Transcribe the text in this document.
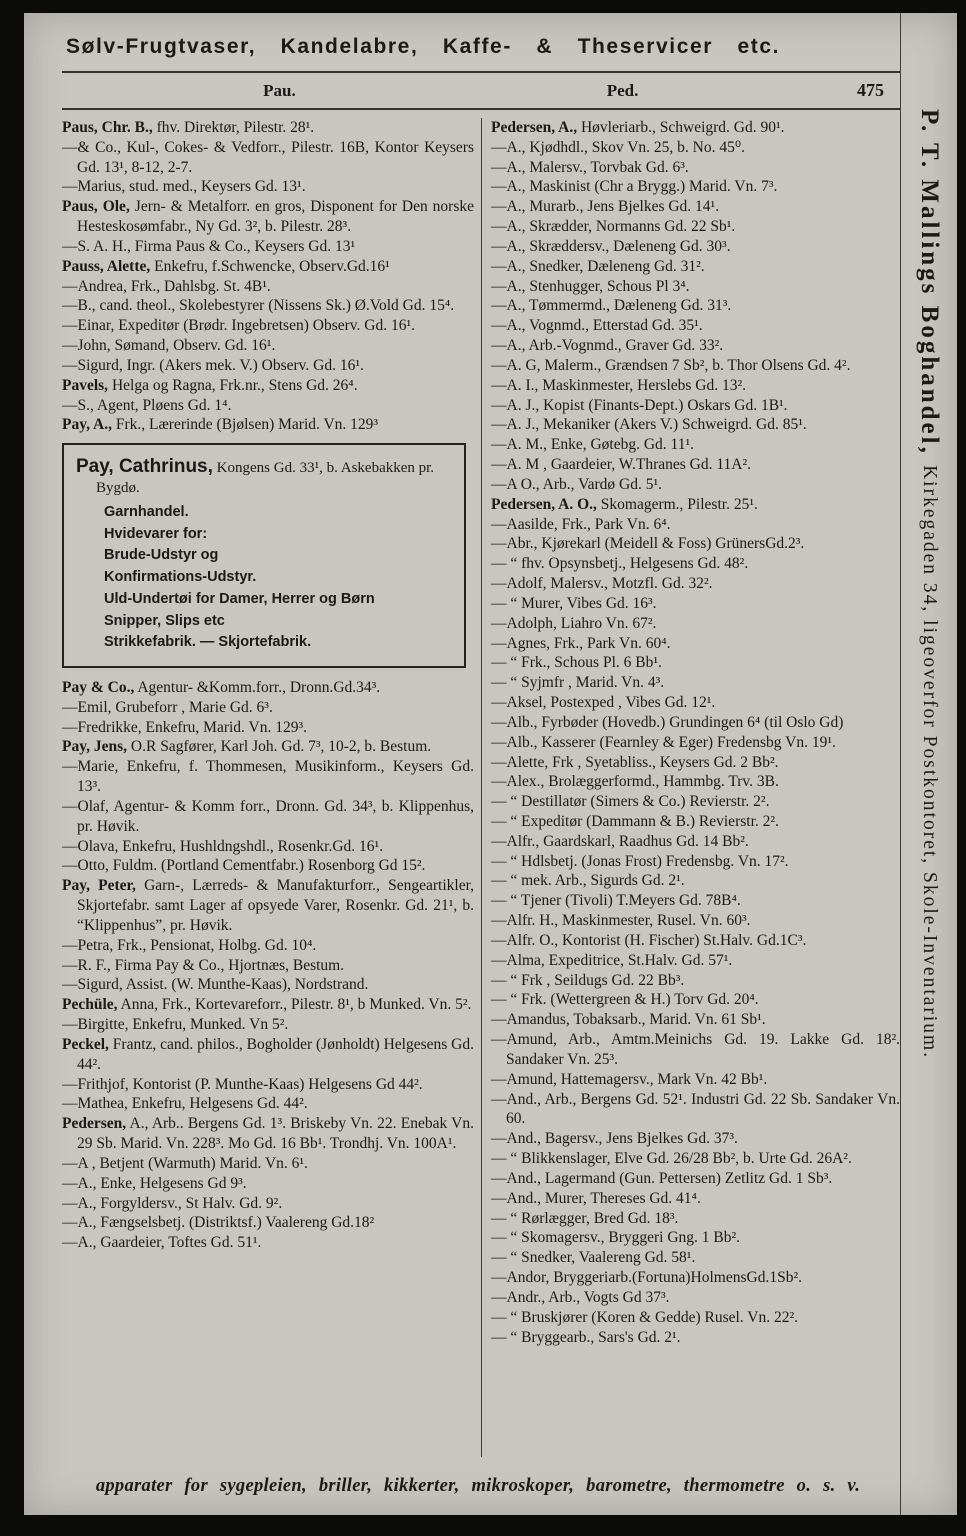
Sølv-Frugtvaser, Kandelabre, Kaffe- & Theservicer etc.
Pau.	Ped.	475

Paus, Chr. B., fhv. Direktør, Pilestr. 28¹.

—& Co., Kul-, Cokes- & Vedforr., Pilestr. 16B, Kontor Keysers Gd. 13¹, 8-12, 2-7.

—Marius, stud. med., Keysers Gd. 13¹.

Paus, Ole, Jern- & Metalforr. en gros, Disponent for Den norske Hesteskosømfabr., Ny Gd. 3², b. Pilestr. 28³.

—S. A. H., Firma Paus & Co., Keysers Gd. 13¹

Pauss, Alette, Enkefru, f.Schwencke, Observ.Gd.16¹

—Andrea, Frk., Dahlsbg. St. 4B¹.

—B., cand. theol., Skolebestyrer (Nissens Sk.) Ø.Vold Gd. 15⁴.

—Einar, Expeditør (Brødr. Ingebretsen) Observ. Gd. 16¹.

—John, Sømand, Observ. Gd. 16¹.

—Sigurd, Ingr. (Akers mek. V.) Observ. Gd. 16¹.

Pavels, Helga og Ragna, Frk.nr., Stens Gd. 26⁴.

—S., Agent, Pløens Gd. 1⁴.

Pay, A., Frk., Lærerinde (Bjølsen) Marid. Vn. 129³

Pay, Cathrinus, Kongens Gd. 33¹, b. Askebakken pr. Bygdø.
Garnhandel.
Hvidevarer for:
Brude-Udstyr og
Konfirmations-Udstyr.
Uld-Undertøi for Damer, Herrer og Børn
Snipper, Slips etc
Strikkefabrik. — Skjortefabrik.

Pay & Co., Agentur- &Komm.forr., Dronn.Gd.34³.

—Emil, Grubeforr , Marie Gd. 6³.

—Fredrikke, Enkefru, Marid. Vn. 129³.

Pay, Jens, O.R Sagfører, Karl Joh. Gd. 7³, 10-2, b. Bestum.

—Marie, Enkefru, f. Thommesen, Musikinform., Keysers Gd. 13³.

—Olaf, Agentur- & Komm forr., Dronn. Gd. 34³, b. Klippenhus, pr. Høvik.

—Olava, Enkefru, Hushldngshdl., Rosenkr.Gd. 16¹.

—Otto, Fuldm. (Portland Cementfabr.) Rosenborg Gd 15².

Pay, Peter, Garn-, Lærreds- & Manufakturforr., Sengeartikler, Skjortefabr. samt Lager af opsyede Varer, Rosenkr. Gd. 21¹, b. “Klippenhus”, pr. Høvik.

—Petra, Frk., Pensionat, Holbg. Gd. 10⁴.

—R. F., Firma Pay & Co., Hjortnæs, Bestum.

—Sigurd, Assist. (W. Munthe-Kaas), Nordstrand.

Pechüle, Anna, Frk., Kortevareforr., Pilestr. 8¹, b Munked. Vn. 5².

—Birgitte, Enkefru, Munked. Vn 5².

Peckel, Frantz, cand. philos., Bogholder (Jønholdt) Helgesens Gd. 44².

—Frithjof, Kontorist (P. Munthe-Kaas) Helgesens Gd 44².

—Mathea, Enkefru, Helgesens Gd. 44².

Pedersen, A., Arb.. Bergens Gd. 1³. Briskeby Vn. 22. Enebak Vn. 29 Sb. Marid. Vn. 228³. Mo Gd. 16 Bb¹. Trondhj. Vn. 100A¹.

—A , Betjent (Warmuth) Marid. Vn. 6¹.

—A., Enke, Helgesens Gd 9³.

—A., Forgyldersv., St Halv. Gd. 9².

—A., Fængselsbetj. (Distriktsf.) Vaalereng Gd.18²

—A., Gaardeier, Toftes Gd. 51¹.

Pedersen, A., Høvleriarb., Schweigrd. Gd. 90¹.

—A., Kjødhdl., Skov Vn. 25, b. No. 45⁰.

—A., Malersv., Torvbak Gd. 6³.

—A., Maskinist (Chr a Brygg.) Marid. Vn. 7³.

—A., Murarb., Jens Bjelkes Gd. 14¹.

—A., Skrædder, Normanns Gd. 22 Sb¹.

—A., Skræddersv., Dæleneng Gd. 30³.

—A., Snedker, Dæleneng Gd. 31².

—A., Stenhugger, Schous Pl 3⁴.

—A., Tømmermd., Dæleneng Gd. 31³.

—A., Vognmd., Etterstad Gd. 35¹.

—A., Arb.-Vognmd., Graver Gd. 33².

—A. G, Malerm., Grændsen 7 Sb², b. Thor Olsens Gd. 4².

—A. I., Maskinmester, Herslebs Gd. 13².

—A. J., Kopist (Finants-Dept.) Oskars Gd. 1B¹.

—A. J., Mekaniker (Akers V.) Schweigrd. Gd. 85¹.

—A. M., Enke, Gøtebg. Gd. 11¹.

—A. M , Gaardeier, W.Thranes Gd. 11A².

—A O., Arb., Vardø Gd. 5¹.

Pedersen, A. O., Skomagerm., Pilestr. 25¹.

—Aasilde, Frk., Park Vn. 6⁴.

—Abr., Kjørekarl (Meidell & Foss) GrünersGd.2³.

— “ fhv. Opsynsbetj., Helgesens Gd. 48².

—Adolf, Malersv., Motzfl. Gd. 32².

— “ Murer, Vibes Gd. 16³.

—Adolph, Liahro Vn. 67².

—Agnes, Frk., Park Vn. 60⁴.

— “ Frk., Schous Pl. 6 Bb¹.

— “ Syjmfr , Marid. Vn. 4³.

—Aksel, Postexped , Vibes Gd. 12¹.

—Alb., Fyrbøder (Hovedb.) Grundingen 6⁴ (til Oslo Gd)

—Alb., Kasserer (Fearnley & Eger) Fredensbg Vn. 19¹.

—Alette, Frk , Syetabliss., Keysers Gd. 2 Bb².

—Alex., Brolæggerformd., Hammbg. Trv. 3B.

— “ Destillatør (Simers & Co.) Revierstr. 2².

— “ Expeditør (Dammann & B.) Revierstr. 2².

—Alfr., Gaardskarl, Raadhus Gd. 14 Bb².

— “ Hdlsbetj. (Jonas Frost) Fredensbg. Vn. 17².

— “ mek. Arb., Sigurds Gd. 2¹.

— “ Tjener (Tivoli) T.Meyers Gd. 78B⁴.

—Alfr. H., Maskinmester, Rusel. Vn. 60³.

—Alfr. O., Kontorist (H. Fischer) St.Halv. Gd.1C³.

—Alma, Expeditrice, St.Halv. Gd. 57¹.

— “ Frk , Seildugs Gd. 22 Bb³.

— “ Frk. (Wettergreen & H.) Torv Gd. 20⁴.

—Amandus, Tobaksarb., Marid. Vn. 61 Sb¹.

—Amund, Arb., Amtm.Meinichs Gd. 19. Lakke Gd. 18². Sandaker Vn. 25³.

—Amund, Hattemagersv., Mark Vn. 42 Bb¹.

—And., Arb., Bergens Gd. 52¹. Industri Gd. 22 Sb. Sandaker Vn. 60.

—And., Bagersv., Jens Bjelkes Gd. 37³.

— “ Blikkenslager, Elve Gd. 26/28 Bb², b. Urte Gd. 26A².

—And., Lagermand (Gun. Pettersen) Zetlitz Gd. 1 Sb³.

—And., Murer, Thereses Gd. 41⁴.

— “ Rørlægger, Bred Gd. 18³.

— “ Skomagersv., Bryggeri Gng. 1 Bb².

— “ Snedker, Vaalereng Gd. 58¹.

—Andor, Bryggeriarb.(Fortuna)HolmensGd.1Sb².

—Andr., Arb., Vogts Gd 37³.

— “ Bruskjører (Koren & Gedde) Rusel. Vn. 22².

— “ Bryggearb., Sars's Gd. 2¹.

apparater for sygepleien, briller, kikkerter, mikroskoper, barometre, thermometre o. s. v.
P. T. Mallings Boghandel, Kirkegaden 34, ligeoverfor Postkontoret, Skole-Inventarium.
